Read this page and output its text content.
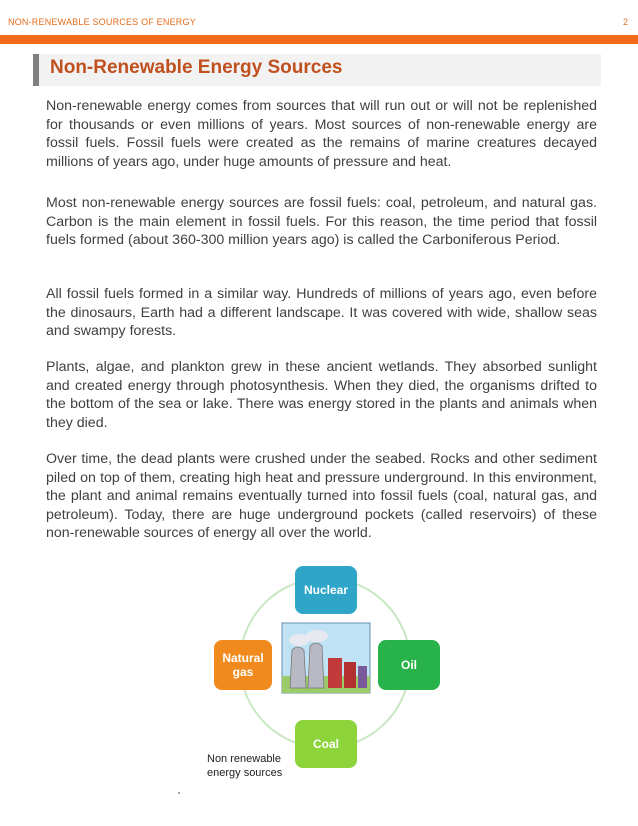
NON-RENEWABLE SOURCES OF ENERGY	2
Non-Renewable Energy Sources

Non-renewable energy comes from sources that will run out or will not be replenished for thousands or even millions of years. Most sources of non-renewable energy are fossil fuels. Fossil fuels were created as the remains of marine creatures decayed millions of years ago, under huge amounts of pressure and heat.

Most non-renewable energy sources are fossil fuels: coal, petroleum, and natural gas. Carbon is the main element in fossil fuels. For this reason, the time period that fossil fuels formed (about 360-300 million years ago) is called the Carboniferous Period.

All fossil fuels formed in a similar way. Hundreds of millions of years ago, even before the dinosaurs, Earth had a different landscape. It was covered with wide, shallow seas and swampy forests.

Plants, algae, and plankton grew in these ancient wetlands. They absorbed sunlight and created energy through photosynthesis. When they died, the organisms drifted to the bottom of the sea or lake. There was energy stored in the plants and animals when they died.

Over time, the dead plants were crushed under the seabed. Rocks and other sediment piled on top of them, creating high heat and pressure underground. In this environment, the plant and animal remains eventually turned into fossil fuels (coal, natural gas, and petroleum). Today, there are huge underground pockets (called reservoirs) of these non-renewable sources of energy all over the world.

Nuclear
Natural
gas	Oil
Coal
Non renewable
energy sources
